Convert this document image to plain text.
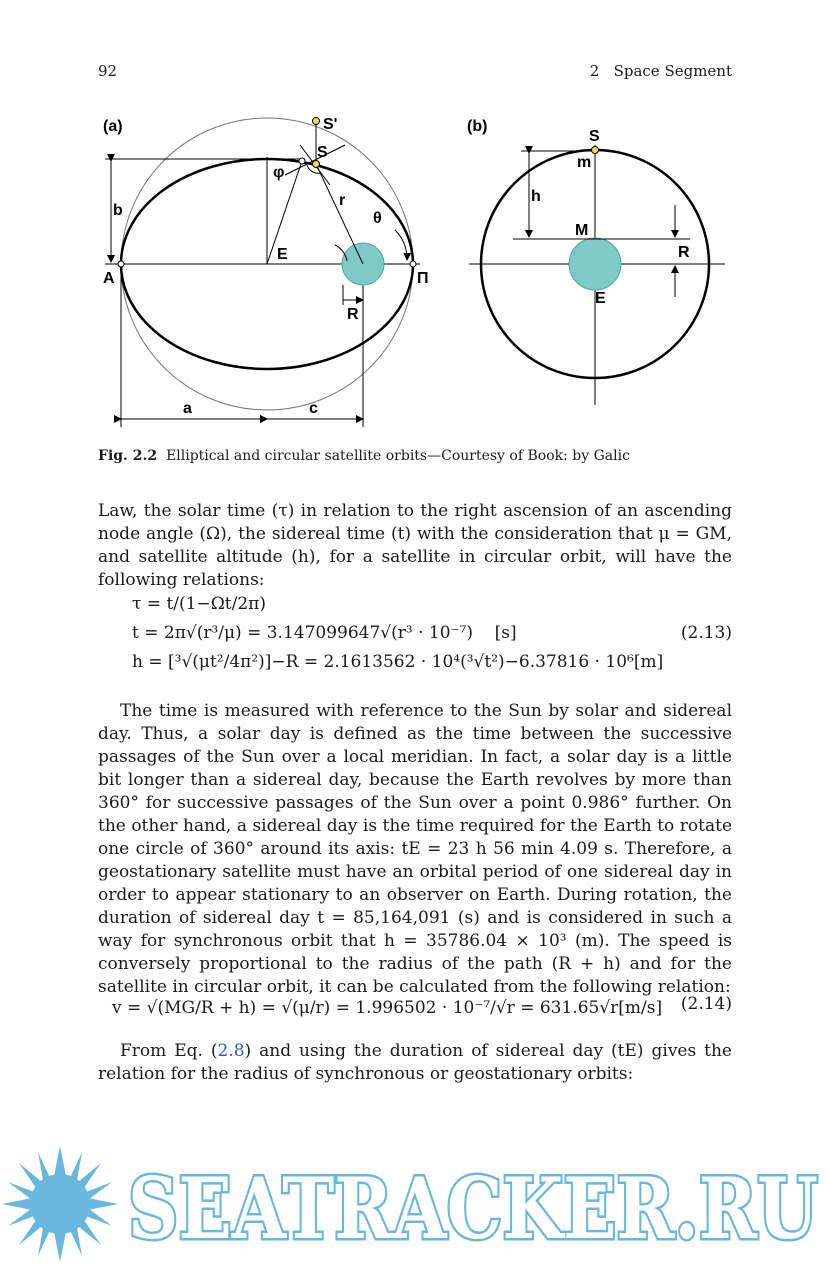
92	2   Space Segment
(a)	S'
S
φ
r
θ
b
E
A	Π
R
a	c
(b)
S
m
h
M
R
E
Fig. 2.2 Elliptical and circular satellite orbits—Courtesy of Book: by Galic

Law, the solar time (τ) in relation to the right ascension of an ascending node angle (Ω), the sidereal time (t) with the consideration that μ = GM, and satellite altitude (h), for a satellite in circular orbit, will have the following relations:

τ = t/(1−Ωt/2π)
t = 2π√(r³/μ) = 3.147099647√(r³ · 10⁻⁷)    [s]
h = [³√(μt²/4π²)]−R = 2.1613562 · 10⁴(³√t²)−6.37816 · 10⁶[m]
(2.13)

The time is measured with reference to the Sun by solar and sidereal day. Thus, a solar day is defined as the time between the successive passages of the Sun over a local meridian. In fact, a solar day is a little bit longer than a sidereal day, because the Earth revolves by more than 360° for successive passages of the Sun over a point 0.986° further. On the other hand, a sidereal day is the time required for the Earth to rotate one circle of 360° around its axis: tE = 23 h 56 min 4.09 s. Therefore, a geostationary satellite must have an orbital period of one sidereal day in order to appear stationary to an observer on Earth. During rotation, the duration of sidereal day t = 85,164,091 (s) and is considered in such a way for synchronous orbit that h = 35786.04 × 10³ (m). The speed is conversely proportional to the radius of the path (R + h) and for the satellite in circular orbit, it can be calculated from the following relation:

v = √(MG/R + h) = √(μ/r) = 1.996502 · 10⁻⁷/√r = 631.65√r[m/s] (2.14)

From Eq. (2.8) and using the duration of sidereal day (tE) gives the relation for the radius of synchronous or geostationary orbits:

SEATRACKER.RU
